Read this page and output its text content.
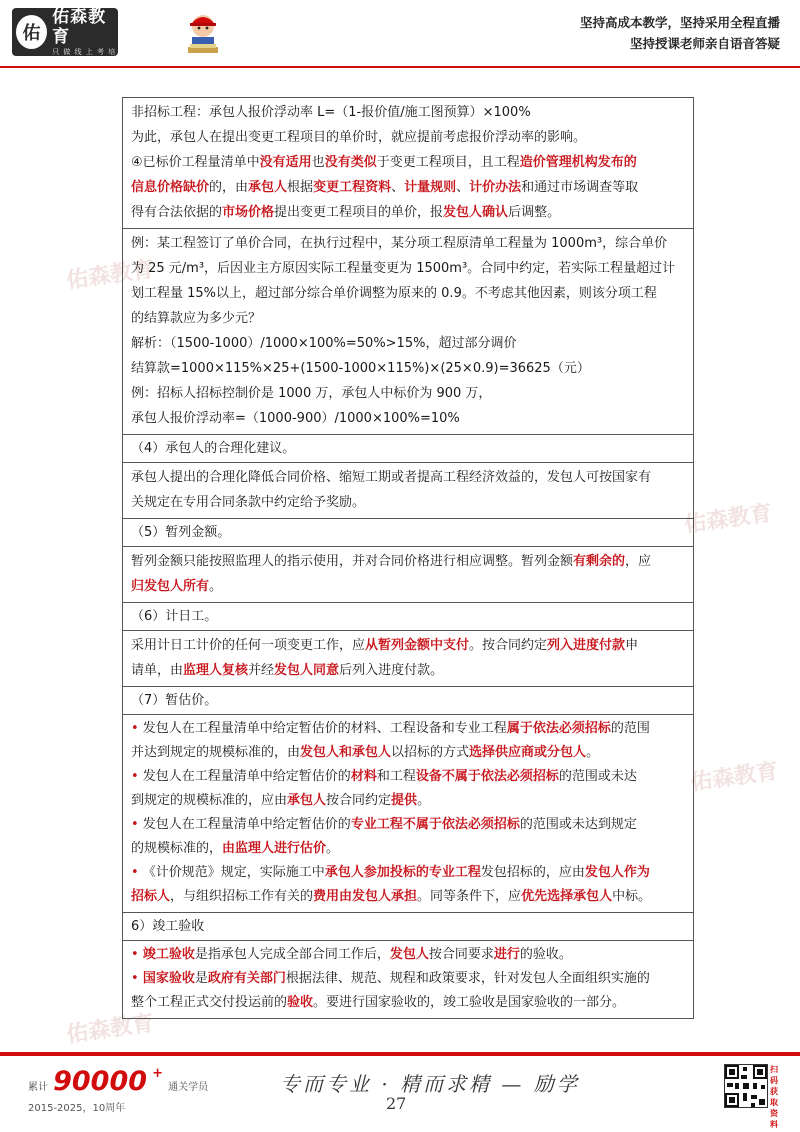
佑
佑森教育
只 做 线 上 考 培
坚持高成本教学，坚持采用全程直播
坚持授课老师亲自语音答疑
佑森教育
佑森教育
佑森教育
佑森教育
非招标工程：承包人报价浮动率 L=（1-报价值/施工图预算）×100%
为此，承包人在提出变更工程项目的单价时，就应提前考虑报价浮动率的影响。
④已标价工程量清单中没有适用也没有类似于变更工程项目，且工程造价管理机构发布的
信息价格缺价的，由承包人根据变更工程资料、计量规则、计价办法和通过市场调查等取
得有合法依据的市场价格提出变更工程项目的单价，报发包人确认后调整。
例：某工程签订了单价合同，在执行过程中，某分项工程原清单工程量为 1000m³，综合单价
为 25 元/m³，后因业主方原因实际工程量变更为 1500m³。合同中约定，若实际工程量超过计
划工程量 15%以上，超过部分综合单价调整为原来的 0.9。不考虑其他因素，则该分项工程
的结算款应为多少元？
解析：（1500-1000）/1000×100%=50%>15%，超过部分调价
结算款=1000×115%×25+(1500-1000×115%)×(25×0.9)=36625（元）
例：招标人招标控制价是 1000 万，承包人中标价为 900 万，
承包人报价浮动率=（1000-900）/1000×100%=10%
（4）承包人的合理化建议。
承包人提出的合理化降低合同价格、缩短工期或者提高工程经济效益的，发包人可按国家有
关规定在专用合同条款中约定给予奖励。
（5）暂列金额。
暂列金额只能按照监理人的指示使用，并对合同价格进行相应调整。暂列金额有剩余的，应
归发包人所有。
（6）计日工。
采用计日工计价的任何一项变更工作，应从暂列金额中支付。按合同约定列入进度付款申
请单，由监理人复核并经发包人同意后列入进度付款。
（7）暂估价。
• 发包人在工程量清单中给定暂估价的材料、工程设备和专业工程属于依法必须招标的范围
并达到规定的规模标准的，由发包人和承包人以招标的方式选择供应商或分包人。
• 发包人在工程量清单中给定暂估价的材料和工程设备不属于依法必须招标的范围或未达
到规定的规模标准的，应由承包人按合同约定提供。
• 发包人在工程量清单中给定暂估价的专业工程不属于依法必须招标的范围或未达到规定
的规模标准的，由监理人进行估价。
• 《计价规范》规定，实际施工中承包人参加投标的专业工程发包招标的，应由发包人作为
招标人，与组织招标工作有关的费用由发包人承担。同等条件下，应优先选择承包人中标。
6）竣工验收
• 竣工验收是指承包人完成全部合同工作后，发包人按合同要求进行的验收。
• 国家验收是政府有关部门根据法律、规范、规程和政策要求，针对发包人全面组织实施的
整个工程正式交付投运前的验收。要进行国家验收的，竣工验收是国家验收的一部分。
累计 90000 + 通关学员
2015-2025，10周年
专而专业 · 精而求精 — 励学
27
扫码获取资料
